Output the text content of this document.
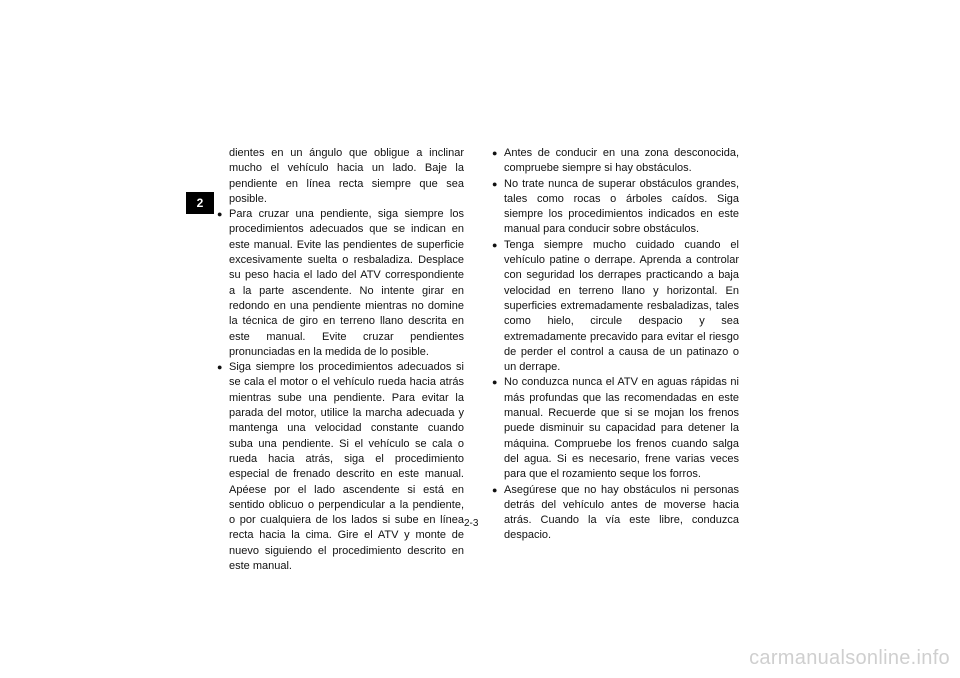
2

dientes en un ángulo que obligue a inclinar mucho el vehículo hacia un lado. Baje la pendiente en línea recta siempre que sea posible.

● Para cruzar una pendiente, siga siempre los procedimientos adecuados que se indican en este manual. Evite las pendientes de superficie excesivamente suelta o resbaladiza. Desplace su peso hacia el lado del ATV correspondiente a la parte ascendente. No intente girar en redondo en una pendiente mientras no domine la técnica de giro en terreno llano descrita en este manual. Evite cruzar pendientes pronunciadas en la medida de lo posible.

● Siga siempre los procedimientos adecuados si se cala el motor o el vehículo rueda hacia atrás mientras sube una pendiente. Para evitar la parada del motor, utilice la marcha adecuada y mantenga una velocidad constante cuando suba una pendiente. Si el vehículo se cala o rueda hacia atrás, siga el procedimiento especial de frenado descrito en este manual. Apéese por el lado ascendente si está en sentido oblicuo o perpendicular a la pendiente, o por cualquiera de los lados si sube en línea recta hacia la cima. Gire el ATV y monte de nuevo siguiendo el procedimiento descrito en este manual.

● Antes de conducir en una zona desconocida, compruebe siempre si hay obstáculos.

● No trate nunca de superar obstáculos grandes, tales como rocas o árboles caídos. Siga siempre los procedimientos indicados en este manual para conducir sobre obstáculos.

● Tenga siempre mucho cuidado cuando el vehículo patine o derrape. Aprenda a controlar con seguridad los derrapes practicando a baja velocidad en terreno llano y horizontal. En superficies extremadamente resbaladizas, tales como hielo, circule despacio y sea extremadamente precavido para evitar el riesgo de perder el control a causa de un patinazo o un derrape.

● No conduzca nunca el ATV en aguas rápidas ni más profundas que las recomendadas en este manual. Recuerde que si se mojan los frenos puede disminuir su capacidad para detener la máquina. Compruebe los frenos cuando salga del agua. Si es necesario, frene varias veces para que el rozamiento seque los forros.

● Asegúrese que no hay obstáculos ni personas detrás del vehículo antes de moverse hacia atrás. Cuando la vía este libre, conduzca despacio.

2-3
carmanualsonline.info
